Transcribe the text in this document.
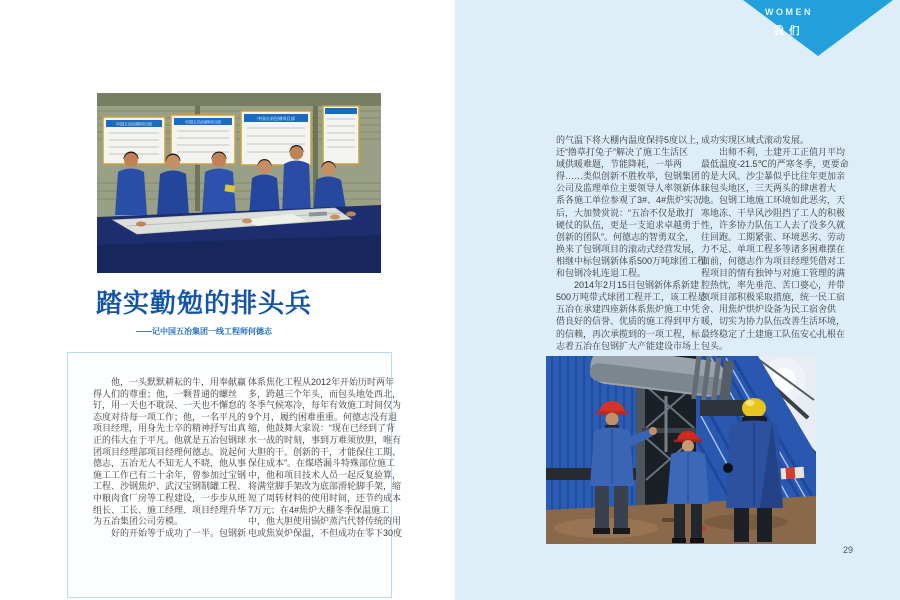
WOMEN
我们
中国五冶包钢项目部	中国五冶包钢项目部
中国五冶包钢项目部
踏实勤勉的排头兵
——记中国五冶集团一线工程师何德志
　　他，一头默默耕耘的牛，用奉献赢
得人们的尊重；他，一颗普通的螺丝
钉，用一天也不耽误、一天也不懈怠的
态度对待每一项工作；他，一名平凡的
项目经理，用身先士卒的精神抒写出真
正的伟大在于平凡。他就是五冶包钢球
团项目经理部项目经理何德志。说起何
德志，五冶无人不知无人不晓，他从事
施工工作已有二十余年，曾参加过宝钢
工程、沙钢焦炉、武汉宝钢制罐工程、
中粮肉食厂房等工程建设，一步步从班
组长、工长、施工经理、项目经理升华
为五冶集团公司劳模。
　　好的开始等于成功了一半。包钢新
体系焦化工程从2012年开始历时两年
多，跨越三个年头，而包头地处西北，
冬季气候寒冷，每年有效施工时间仅为
9个月，履约困难重重。何德志没有退
缩，他鼓舞大家说：“现在已经到了背
水一战的时刻，事到万难须放胆，唯有
大胆的干、创新的干，才能保住工期、
保住成本”。在煤塔漏斗特殊部位施工
中，他和项目技术人员一起反复验算，
将满堂脚手架改为底部滑轮脚手架，缩
短了周转材料的使用时间，还节约成本
7万元；在4#焦炉大棚冬季保温施工
中，他大胆使用锅炉蒸汽代替传统的用
电或焦炭炉保温，不但成功在零下30度
的气温下将大棚内温度保持5度以上，
还“撸草打兔子”解决了施工生活区
域供暖难题，节能降耗，一举两
得……类似创新不胜枚举，包钢集团
公司及监理单位主要领导人率领新体
系各施工单位参观了3#、4#焦炉实况
后，大加赞赏说：“五冶不仅是敢打
硬仗的队伍，更是一支追求卓越勇于
创新的团队”。何德志的智勇双全，
换来了包钢项目的滚动式经营发展，
相继中标包钢新体系500万吨球团工程
和包钢冷轧连退工程。
　　2014年2月15日包钢新体系新建
500万吨带式球团工程开工，该工程是
五冶在承建四座新体系焦炉施工中凭
借良好的信誉、优质的施工得到甲方
的信赖，再次承揽到的一项工程，标
志着五冶在包钢扩大产能建设市场上
成功实现区域式滚动发展。
　　出师不利，土建开工正值月平均
最低温度-21.5℃的严寒冬季，更要命
的是大风、沙尘暴似乎比往年更加亲
睐包头地区，三天两头的肆虐着大
地。包钢工地施工环境如此恶劣，天
寒地冻、干旱风沙阻挡了工人的积极
性，许多协力队伍工人去了没多久就
往回跑。工期紧张、环境恶劣、劳动
力不足、单项工程多等诸多困难摆在
面前，何德志作为项目经理凭借对工
程项目的情有独钟与对施工管理的满
腔热忱，率先垂范、苦口婆心，并带
领项目部积极采取措施，统一民工宿
舍、用焦炉烘炉设备为民工宿舍供
暖，切实为协力队伍改善生活环境，
最终稳定了土建施工队伍安心扎根在
包头。
29
